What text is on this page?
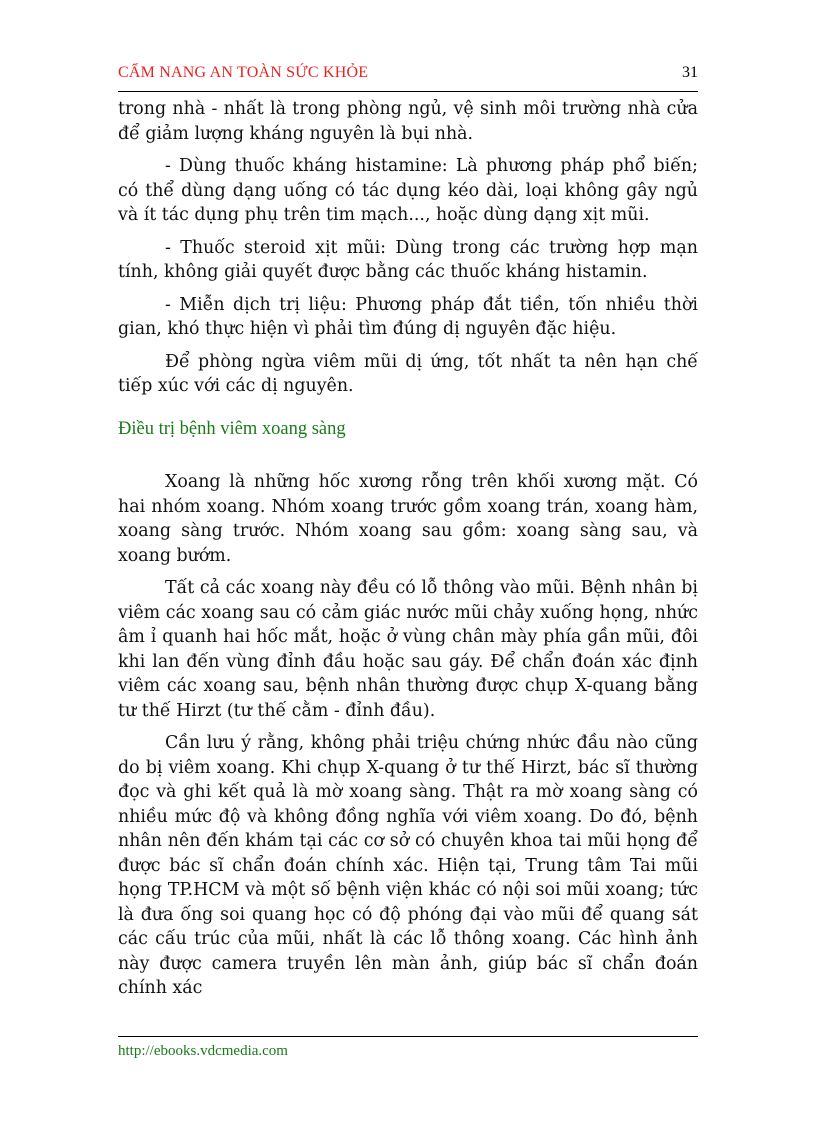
CẨM NANG AN TOÀN SỨC KHỎE	31

trong nhà - nhất là trong phòng ngủ, vệ sinh môi trường nhà cửa để giảm lượng kháng nguyên là bụi nhà.

- Dùng thuốc kháng histamine: Là phương pháp phổ biến; có thể dùng dạng uống có tác dụng kéo dài, loại không gây ngủ và ít tác dụng phụ trên tim mạch..., hoặc dùng dạng xịt mũi.

- Thuốc steroid xịt mũi: Dùng trong các trường hợp mạn tính, không giải quyết được bằng các thuốc kháng histamin.

- Miễn dịch trị liệu: Phương pháp đắt tiền, tốn nhiều thời gian, khó thực hiện vì phải tìm đúng dị nguyên đặc hiệu.

Để phòng ngừa viêm mũi dị ứng, tốt nhất ta nên hạn chế tiếp xúc với các dị nguyên.

Điều trị bệnh viêm xoang sàng

Xoang là những hốc xương rỗng trên khối xương mặt. Có hai nhóm xoang. Nhóm xoang trước gồm xoang trán, xoang hàm, xoang sàng trước. Nhóm xoang sau gồm: xoang sàng sau, và xoang bướm.

Tất cả các xoang này đều có lỗ thông vào mũi. Bệnh nhân bị viêm các xoang sau có cảm giác nước mũi chảy xuống họng, nhức âm ỉ quanh hai hốc mắt, hoặc ở vùng chân mày phía gần mũi, đôi khi lan đến vùng đỉnh đầu hoặc sau gáy. Để chẩn đoán xác định viêm các xoang sau, bệnh nhân thường được chụp X-quang bằng tư thế Hirzt (tư thế cằm - đỉnh đầu).

Cần lưu ý rằng, không phải triệu chứng nhức đầu nào cũng do bị viêm xoang. Khi chụp X-quang ở tư thế Hirzt, bác sĩ thường đọc và ghi kết quả là mờ xoang sàng. Thật ra mờ xoang sàng có nhiều mức độ và không đồng nghĩa với viêm xoang. Do đó, bệnh nhân nên đến khám tại các cơ sở có chuyên khoa tai mũi họng để được bác sĩ chẩn đoán chính xác. Hiện tại, Trung tâm Tai mũi họng TP.HCM và một số bệnh viện khác có nội soi mũi xoang; tức là đưa ống soi quang học có độ phóng đại vào mũi để quang sát các cấu trúc của mũi, nhất là các lỗ thông xoang. Các hình ảnh này được camera truyền lên màn ảnh, giúp bác sĩ chẩn đoán chính xác

http://ebooks.vdcmedia.com
